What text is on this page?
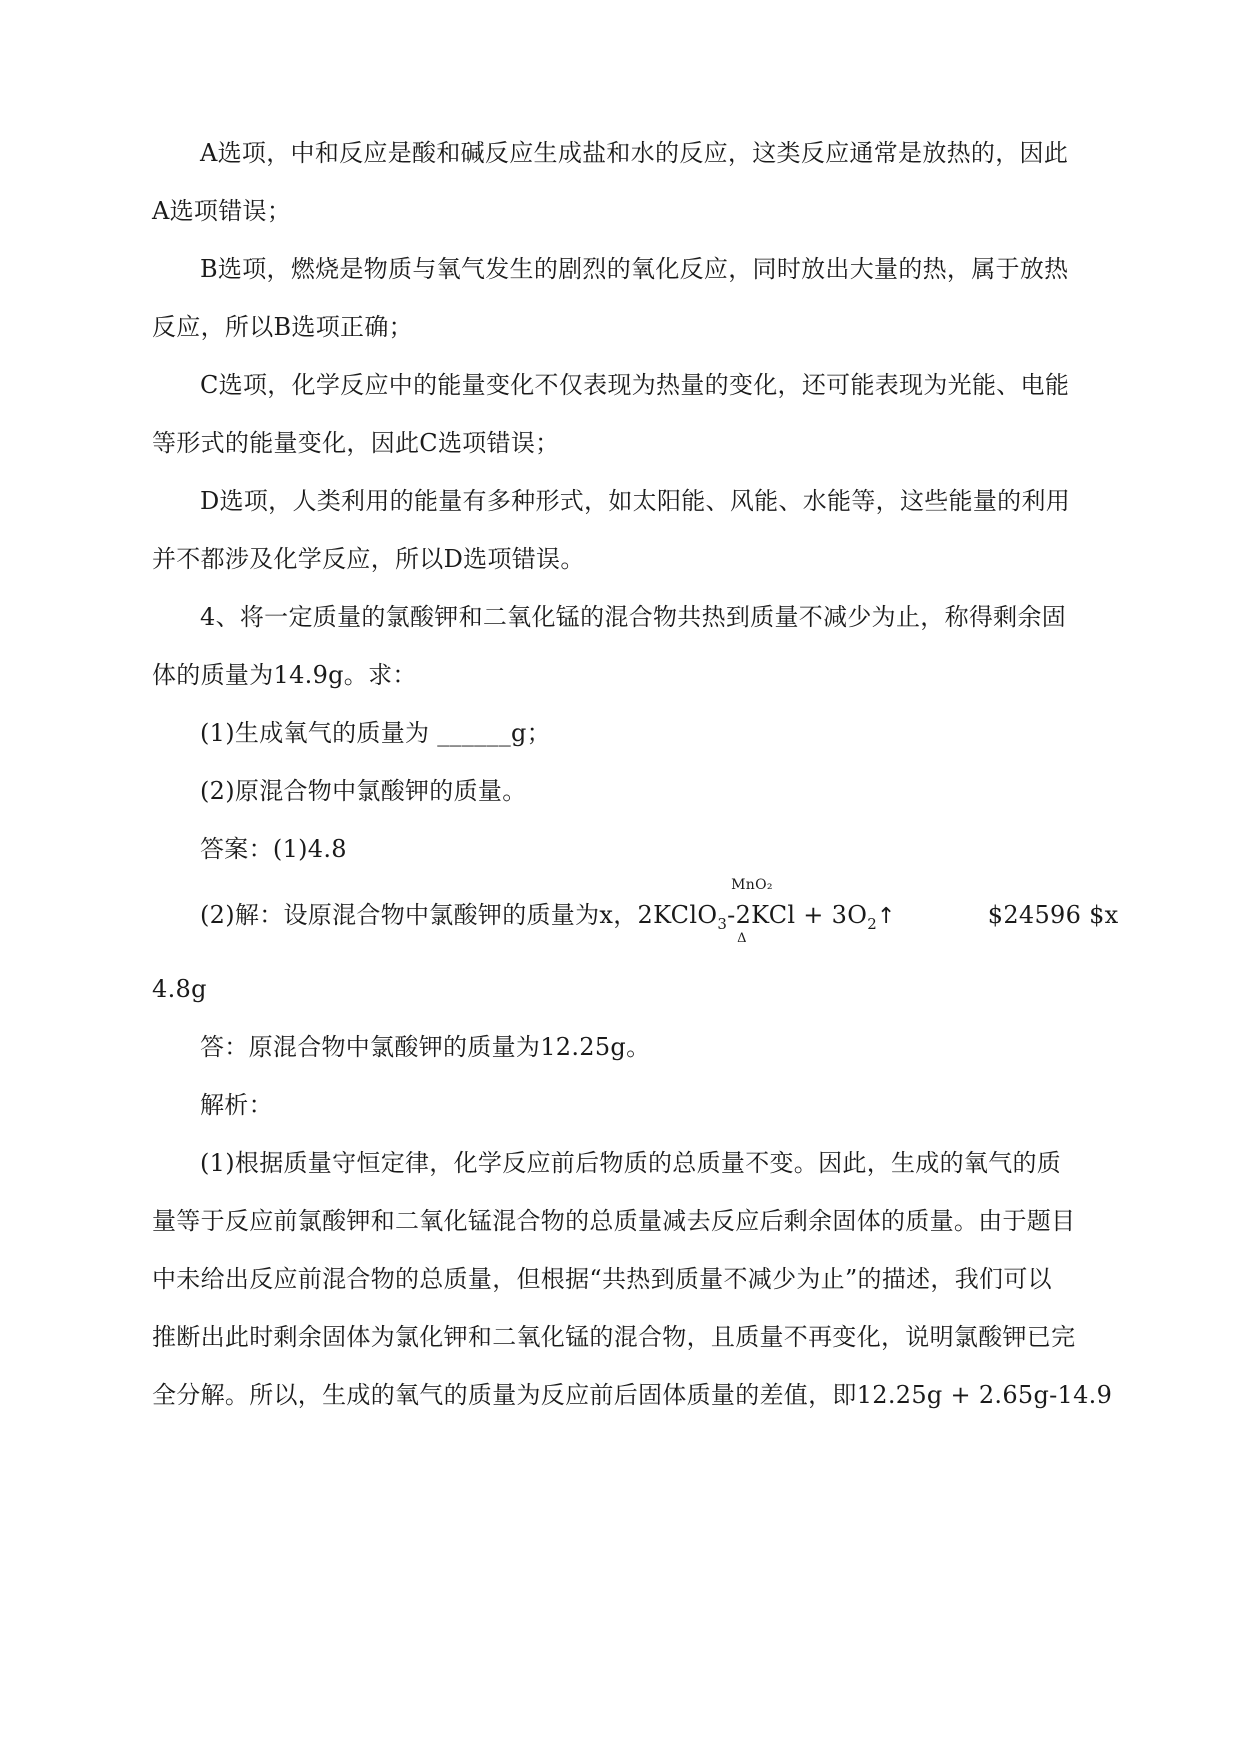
A选项，中和反应是酸和碱反应生成盐和水的反应，这类反应通常是放热的，因此
A选项错误；
B选项，燃烧是物质与氧气发生的剧烈的氧化反应，同时放出大量的热，属于放热
反应，所以B选项正确；
C选项，化学反应中的能量变化不仅表现为热量的变化，还可能表现为光能、电能
等形式的能量变化，因此C选项错误；
D选项，人类利用的能量有多种形式，如太阳能、风能、水能等，这些能量的利用
并不都涉及化学反应，所以D选项错误。
4、将一定质量的氯酸钾和二氧化锰的混合物共热到质量不减少为止，称得剩余固
体的质量为14.9g。求：
(1)生成氧气的质量为 ______g；
(2)原混合物中氯酸钾的质量。
答案：(1)4.8
(2)解：设原混合物中氯酸钾的质量为x，2KClO$_3$
MnO₂
-
Δ
$2KCl + 3O_2↑$	$24596 $x
4.8g
答：原混合物中氯酸钾的质量为12.25g。
解析：
(1)根据质量守恒定律，化学反应前后物质的总质量不变。因此，生成的氧气的质
量等于反应前氯酸钾和二氧化锰混合物的总质量减去反应后剩余固体的质量。由于题目
中未给出反应前混合物的总质量，但根据“共热到质量不减少为止”的描述，我们可以
推断出此时剩余固体为氯化钾和二氧化锰的混合物，且质量不再变化，说明氯酸钾已完
全分解。所以，生成的氧气的质量为反应前后固体质量的差值，即12.25g + 2.65g-14.9
